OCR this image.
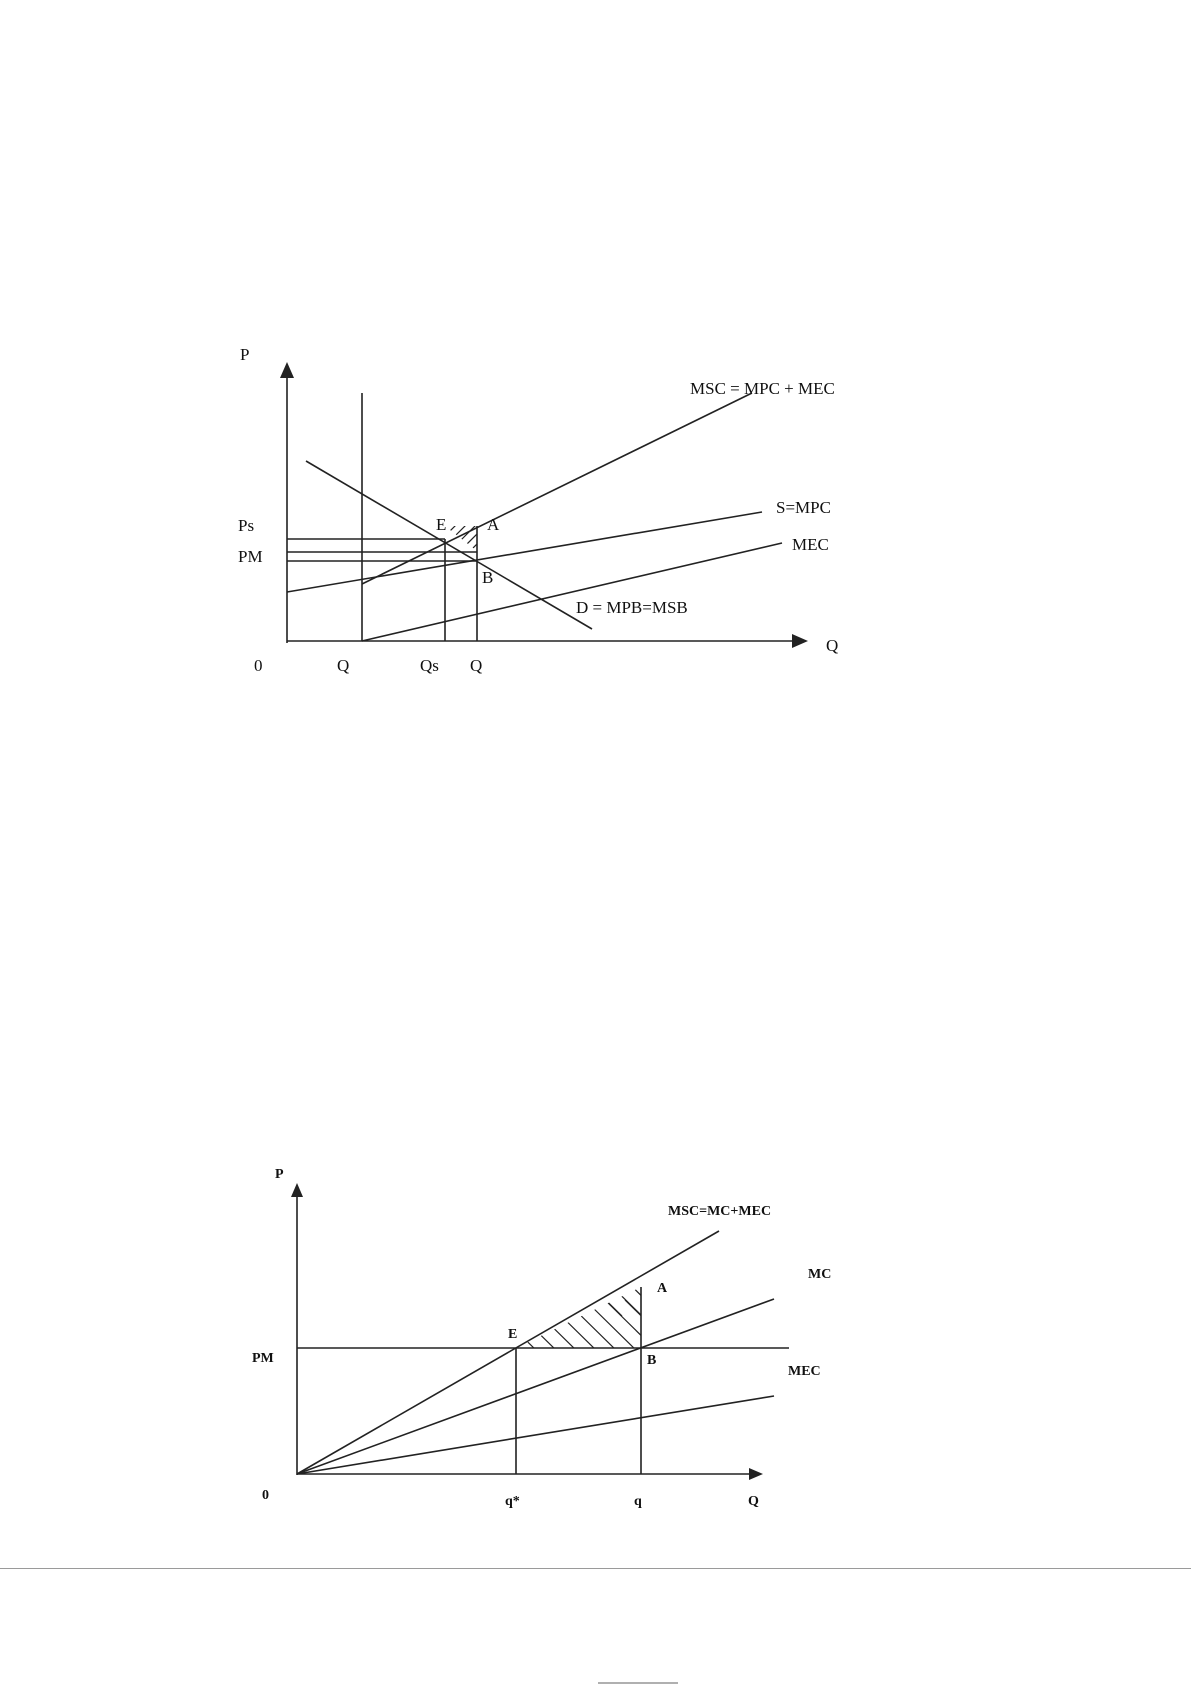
P
Q
0
MSC = MPC + MEC
S=MPC
MEC
D = MPB=MSB
E A
B
Ps
PM
Q	Qs Q
P
Q
0
MSC=MC+MEC
MC
MEC
E
A
B
PM
q*	q
